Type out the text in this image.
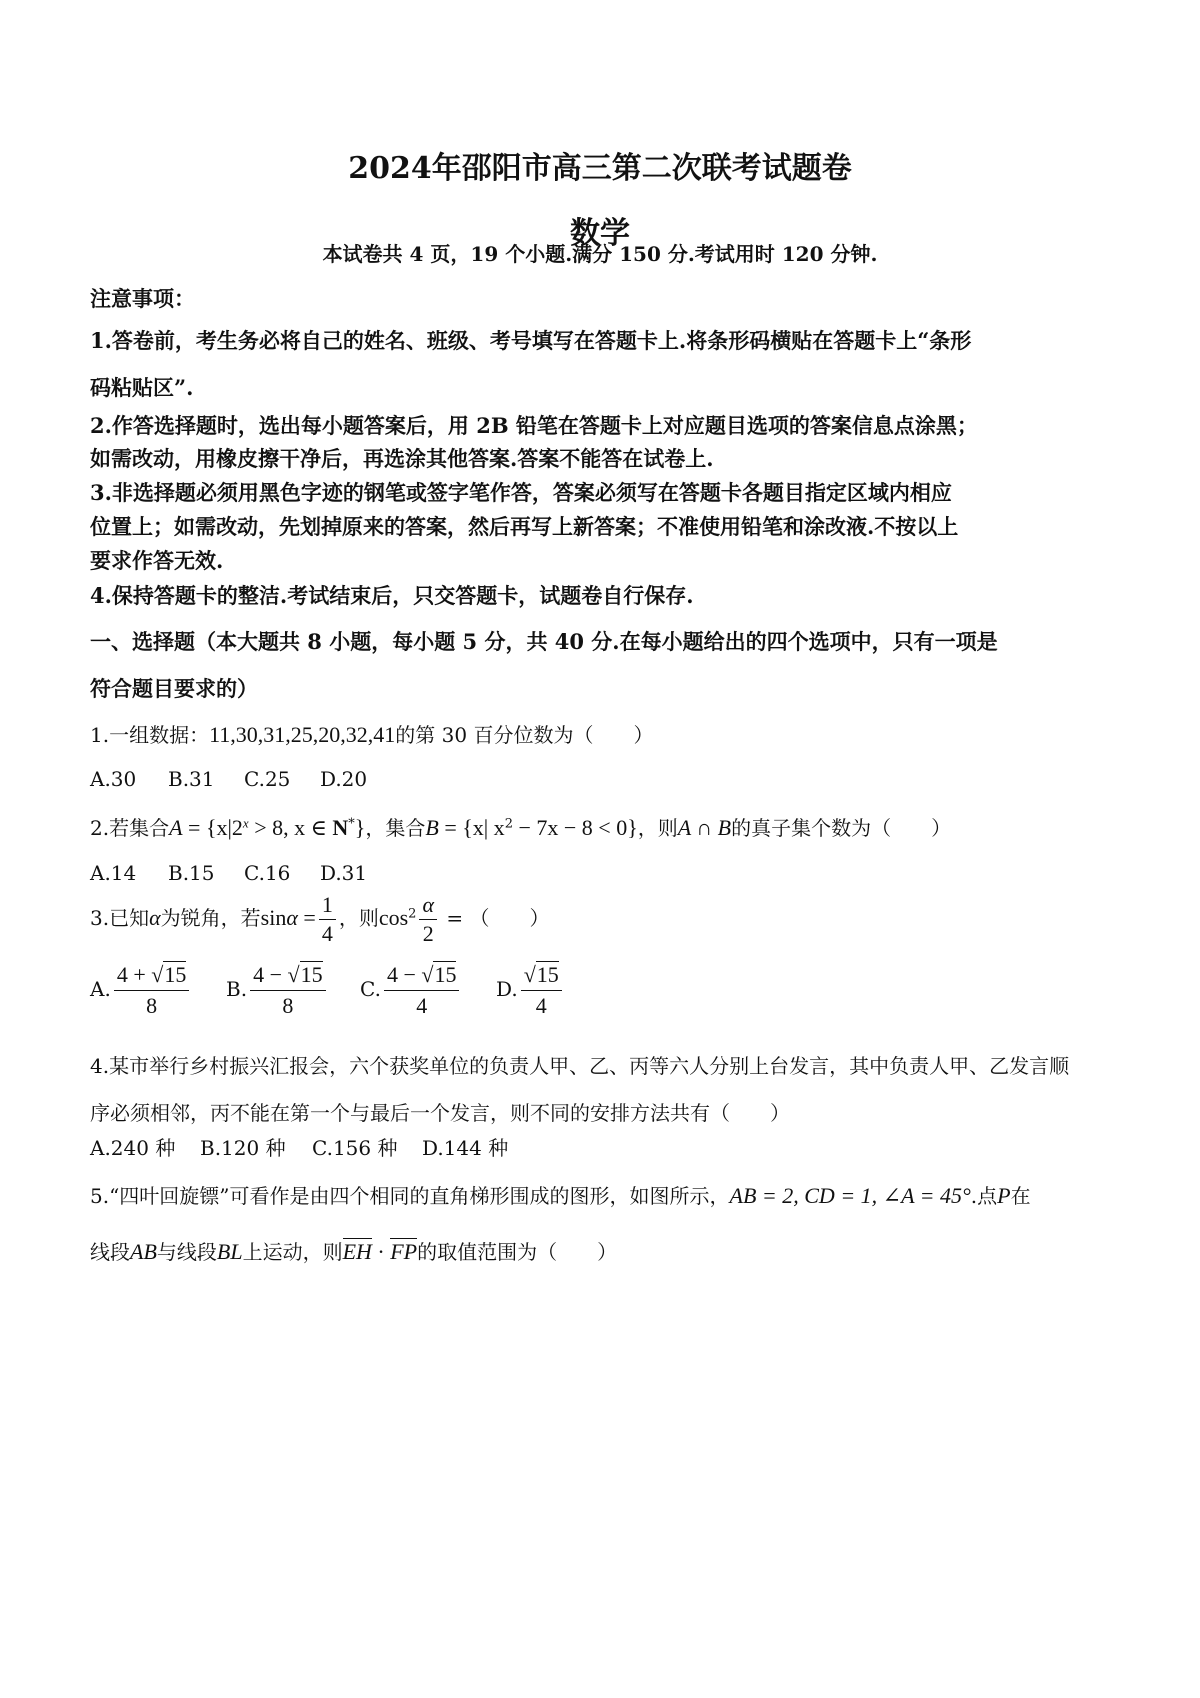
2024年邵阳市高三第二次联考试题卷
数学
本试卷共 4 页，19 个小题.满分 150 分.考试用时 120 分钟.
注意事项：
1.答卷前，考生务必将自己的姓名、班级、考号填写在答题卡上.将条形码横贴在答题卡上“条形
码粘贴区”.
2.作答选择题时，选出每小题答案后，用 2B 铅笔在答题卡上对应题目选项的答案信息点涂黑；
如需改动，用橡皮擦干净后，再选涂其他答案.答案不能答在试卷上.
3.非选择题必须用黑色字迹的钢笔或签字笔作答，答案必须写在答题卡各题目指定区域内相应
位置上；如需改动，先划掉原来的答案，然后再写上新答案；不准使用铅笔和涂改液.不按以上
要求作答无效.
4.保持答题卡的整洁.考试结束后，只交答题卡，试题卷自行保存.
一、选择题（本大题共 8 小题，每小题 5 分，共 40 分.在每小题给出的四个选项中，只有一项是
符合题目要求的）
1.一组数据：11,30,31,25,20,32,41的第 30 百分位数为（　　）
A.30 B.31 C.25 D.20
2.若集合$A = \{x|2^x > 8$, x ∈ N*}，集合B = {x| $x^2 - 7x - 8 < 0$}，则A ∩ B的真子集个数为（　　）
A.14 B.15 C.16 D.31
3.已知α为锐角，若$\sin\alpha = \frac{1}{4}$ ，则$\cos^2 \frac{\alpha}{2}$ = （　　）
A. $\frac{4 + √15}{8} B$. $\frac{4 - √15}{8} C$. $\frac{4 - √15}{4} D$. $\frac{√15}{4}$
4.某市举行乡村振兴汇报会，六个获奖单位的负责人甲、乙、丙等六人分别上台发言，其中负责人甲、乙发言顺
序必须相邻，丙不能在第一个与最后一个发言，则不同的安排方法共有（　　）
A.240 种 B.120 种 C.156 种 D.144 种
5.“四叶回旋镖”可看作是由四个相同的直角梯形围成的图形，如图所示，AB = 2, CD = 1, ∠A = 45°.点P在
线段AB与线段BL上运动，则EH · FP的取值范围为（　　）
